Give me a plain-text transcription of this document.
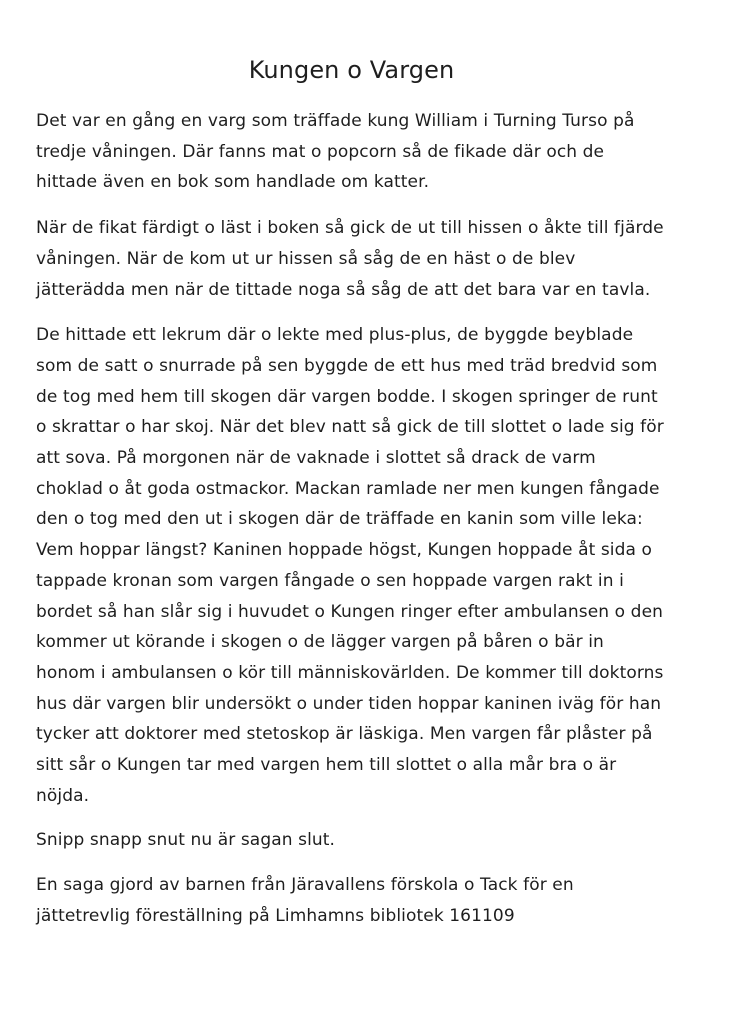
Kungen o Vargen

Det var en gång en varg som träffade kung William i Turning Turso på tredje våningen. Där fanns mat o popcorn så de fikade där och de hittade även en bok som handlade om katter.

När de fikat färdigt o läst i boken så gick de ut till hissen o åkte till fjärde våningen. När de kom ut ur hissen så såg de en häst o de blev jätterädda men när de tittade noga så såg de att det bara var en tavla.

De hittade ett lekrum där o lekte med plus-plus, de byggde beyblade som de satt o snurrade på sen byggde de ett hus med träd bredvid som de tog med hem till skogen där vargen bodde. I skogen springer de runt o skrattar o har skoj. När det blev natt så gick de till slottet o lade sig för att sova. På morgonen när de vaknade i slottet så drack de varm choklad o åt goda ostmackor. Mackan ramlade ner men kungen fångade den o tog med den ut i skogen där de träffade en kanin som ville leka: Vem hoppar längst? Kaninen hoppade högst, Kungen hoppade åt sida o tappade kronan som vargen fångade o sen hoppade vargen rakt in i bordet så han slår sig i huvudet o Kungen ringer efter ambulansen o den kommer ut körande i skogen o de lägger vargen på båren o bär in honom i ambulansen o kör till människovärlden. De kommer till doktorns hus där vargen blir undersökt o under tiden hoppar kaninen iväg för han tycker att doktorer med stetoskop är läskiga. Men vargen får plåster på sitt sår o Kungen tar med vargen hem till slottet o alla mår bra o är nöjda.

Snipp snapp snut nu är sagan slut.

En saga gjord av barnen från Järavallens förskola o Tack för en jättetrevlig föreställning på Limhamns bibliotek 161109
